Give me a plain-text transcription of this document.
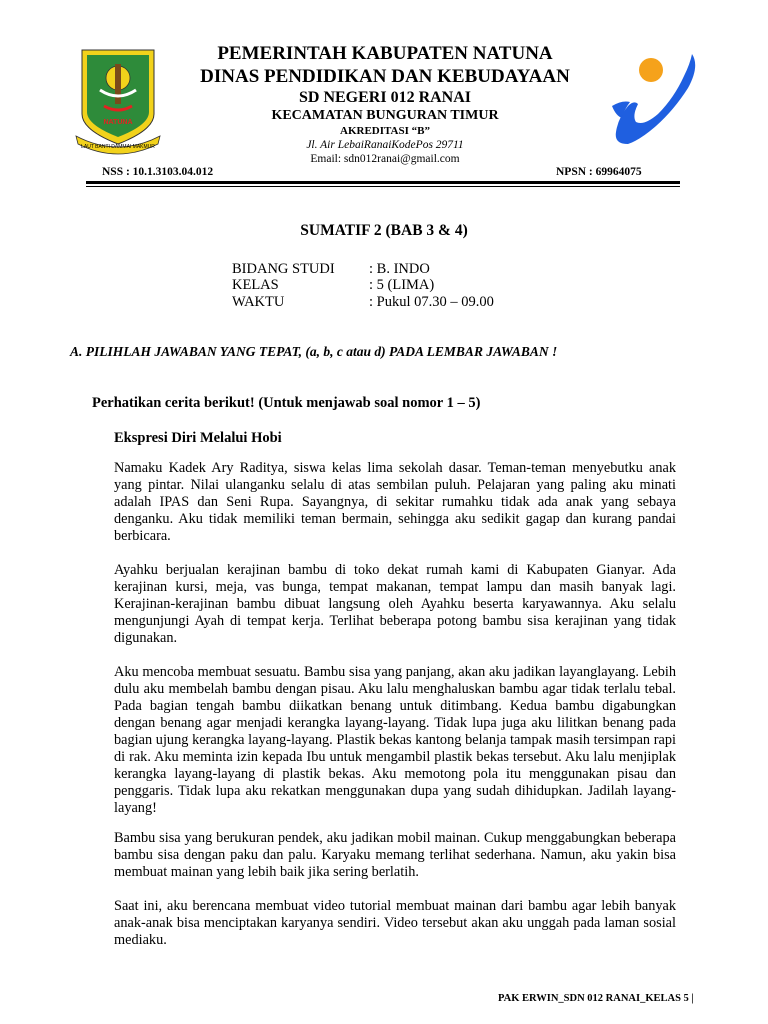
NATUNA
LAUT BANTI DAMMAI MAKMUR
PEMERINTAH KABUPATEN NATUNA
DINAS PENDIDIKAN DAN KEBUDAYAAN
SD NEGERI 012 RANAI
KECAMATAN BUNGURAN TIMUR
AKREDITASI “B”
Jl. Air LebaiRanaiKodePos 29711
Email: sdn012ranai@gmail.com
NSS : 10.1.3103.04.012	NPSN : 69964075
SUMATIF 2 (BAB 3 & 4)
BIDANG STUDI : B. INDO
KELAS	: 5 (LIMA)
WAKTU	: Pukul 07.30 – 09.00
A. PILIHLAH JAWABAN YANG TEPAT, (a, b, c atau d) PADA LEMBAR JAWABAN !
Perhatikan cerita berikut! (Untuk menjawab soal nomor 1 – 5)
Ekspresi Diri Melalui Hobi
Namaku Kadek Ary Raditya, siswa kelas lima sekolah dasar. Teman-teman menyebutku anak yang pintar. Nilai ulanganku selalu di atas sembilan puluh. Pelajaran yang paling aku minati adalah IPAS dan Seni Rupa. Sayangnya, di sekitar rumahku tidak ada anak yang sebaya denganku. Aku tidak memiliki teman bermain, sehingga aku sedikit gagap dan kurang pandai berbicara.
Ayahku berjualan kerajinan bambu di toko dekat rumah kami di Kabupaten Gianyar. Ada kerajinan kursi, meja, vas bunga, tempat makanan, tempat lampu dan masih banyak lagi. Kerajinan-kerajinan bambu dibuat langsung oleh Ayahku beserta karyawannya. Aku selalu mengunjungi Ayah di tempat kerja. Terlihat beberapa potong bambu sisa kerajinan yang tidak digunakan.
Aku mencoba membuat sesuatu. Bambu sisa yang panjang, akan aku jadikan layanglayang. Lebih dulu aku membelah bambu dengan pisau. Aku lalu menghaluskan bambu agar tidak terlalu tebal. Pada bagian tengah bambu diikatkan benang untuk ditimbang. Kedua bambu digabungkan dengan benang agar menjadi kerangka layang-layang. Tidak lupa juga aku lilitkan benang pada bagian ujung kerangka layang-layang. Plastik bekas kantong belanja tampak masih tersimpan rapi di rak. Aku meminta izin kepada Ibu untuk mengambil plastik bekas tersebut. Aku lalu menjiplak kerangka layang-layang di plastik bekas. Aku memotong pola itu menggunakan pisau dan penggaris. Tidak lupa aku rekatkan menggunakan dupa yang sudah dihidupkan. Jadilah layang-layang!
Bambu sisa yang berukuran pendek, aku jadikan mobil mainan. Cukup menggabungkan beberapa bambu sisa dengan paku dan palu. Karyaku memang terlihat sederhana. Namun, aku yakin bisa membuat mainan yang lebih baik jika sering berlatih.
Saat ini, aku berencana membuat video tutorial membuat mainan dari bambu agar lebih banyak anak-anak bisa menciptakan karyanya sendiri. Video tersebut akan aku unggah pada laman sosial mediaku.
PAK ERWIN_SDN 012 RANAI_KELAS 5 |
